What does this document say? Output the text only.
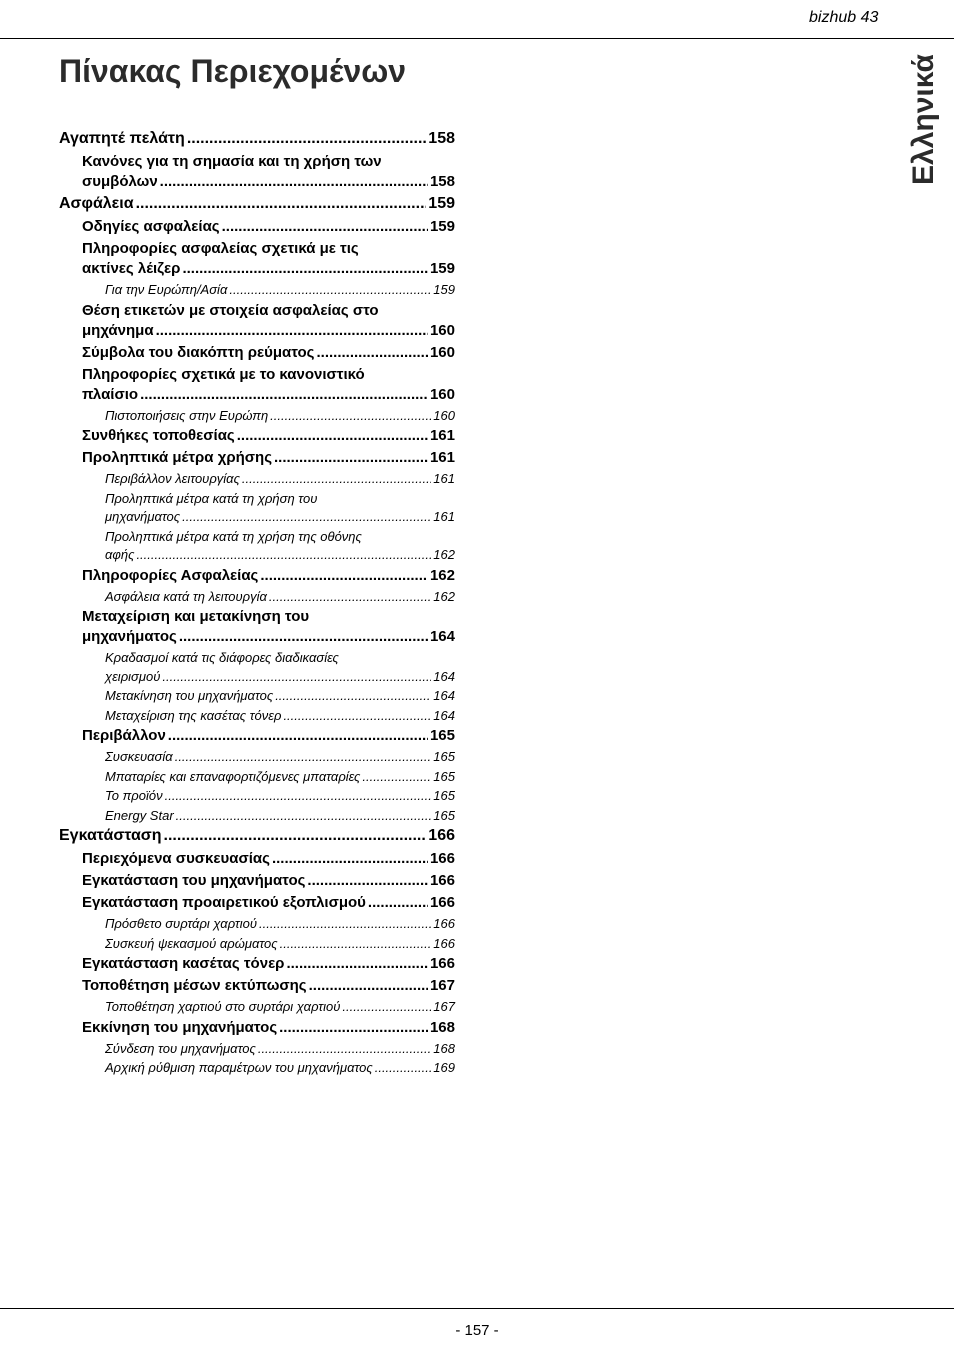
bizhub 43
Πίνακας Περιεχομένων	Ελληνικά
Αγαπητέ πελάτη .....	158
Κανόνες για τη σημασία και τη χρήση των
συμβόλων .....	158
Ασφάλεια .....	159
Οδηγίες ασφαλείας .....	159
Πληροφορίες ασφαλείας σχετικά με τις
ακτίνες λέιζερ .....	159
Για την Ευρώπη/Ασία .....	159
Θέση ετικετών με στοιχεία ασφαλείας στο
μηχάνημα .....	160
Σύμβολα του διακόπτη ρεύματος .....	160
Πληροφορίες σχετικά με το κανονιστικό
πλαίσιο .....	160
Πιστοποιήσεις στην Ευρώπη .....	160
Συνθήκες τοποθεσίας .....	161
Προληπτικά μέτρα χρήσης .....	161
Περιβάλλον λειτουργίας .....	161
Προληπτικά μέτρα κατά τη χρήση του
μηχανήματος .....	161
Προληπτικά μέτρα κατά τη χρήση της οθόνης
αφής .....	162
Πληροφορίες Ασφαλείας .....	162
Ασφάλεια κατά τη λειτουργία .....	162
Μεταχείριση και μετακίνηση του
μηχανήματος .....	164
Κραδασμοί κατά τις διάφορες διαδικασίες
χειρισμού .....	164
Μετακίνηση του μηχανήματος .....	164
Μεταχείριση της κασέτας τόνερ .....	164
Περιβάλλον .....	165
Συσκευασία .....	165
Μπαταρίες και επαναφορτιζόμενες μπαταρίες .....	165
Το προϊόν .....	165
Energy Star .....	165
Εγκατάσταση .....	166
Περιεχόμενα συσκευασίας .....	166
Εγκατάσταση του μηχανήματος .....	166
Εγκατάσταση προαιρετικού εξοπλισμού .....	166
Πρόσθετο συρτάρι χαρτιού .....	166
Συσκευή ψεκασμού αρώματος .....	166
Εγκατάσταση κασέτας τόνερ .....	166
Τοποθέτηση μέσων εκτύπωσης .....	167
Τοποθέτηση χαρτιού στο συρτάρι χαρτιού .....	167
Εκκίνηση του μηχανήματος .....	168
Σύνδεση του μηχανήματος .....	168
Αρχική ρύθμιση παραμέτρων του μηχανήματος .....	169
- 157 -
